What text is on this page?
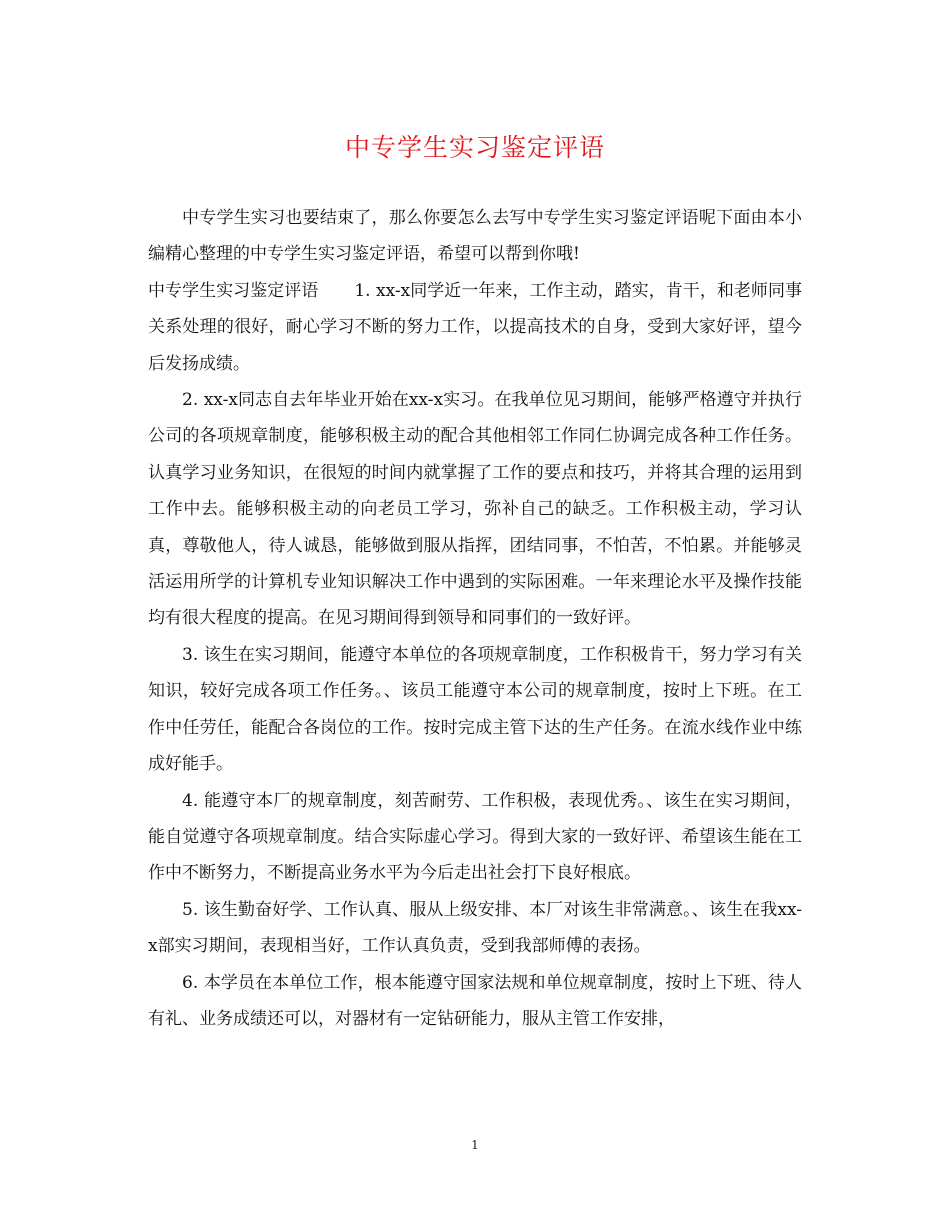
中专学生实习鉴定评语

中专学生实习也要结束了，那么你要怎么去写中专学生实习鉴定评语呢下面由本小编精心整理的中专学生实习鉴定评语，希望可以帮到你哦!

中专学生实习鉴定评语 1. xx-x同学近一年来，工作主动，踏实，肯干，和老师同事关系处理的很好，耐心学习不断的努力工作，以提高技术的自身，受到大家好评，望今后发扬成绩。

2. xx-x同志自去年毕业开始在xx-x实习。在我单位见习期间，能够严格遵守并执行公司的各项规章制度，能够积极主动的配合其他相邻工作同仁协调完成各种工作任务。认真学习业务知识，在很短的时间内就掌握了工作的要点和技巧，并将其合理的运用到工作中去。能够积极主动的向老员工学习，弥补自己的缺乏。工作积极主动，学习认真，尊敬他人，待人诚恳，能够做到服从指挥，团结同事，不怕苦，不怕累。并能够灵活运用所学的计算机专业知识解决工作中遇到的实际困难。一年来理论水平及操作技能均有很大程度的提高。在见习期间得到领导和同事们的一致好评。

3. 该生在实习期间，能遵守本单位的各项规章制度，工作积极肯干，努力学习有关知识，较好完成各项工作任务。、该员工能遵守本公司的规章制度，按时上下班。在工作中任劳任，能配合各岗位的工作。按时完成主管下达的生产任务。在流水线作业中练成好能手。

4. 能遵守本厂的规章制度，刻苦耐劳、工作积极，表现优秀。、该生在实习期间，能自觉遵守各项规章制度。结合实际虚心学习。得到大家的一致好评、希望该生能在工作中不断努力，不断提高业务水平为今后走出社会打下良好根底。

5. 该生勤奋好学、工作认真、服从上级安排、本厂对该生非常满意。、该生在我xx-x部实习期间，表现相当好，工作认真负责，受到我部师傅的表扬。

6. 本学员在本单位工作，根本能遵守国家法规和单位规章制度，按时上下班、待人有礼、业务成绩还可以，对器材有一定钻研能力，服从主管工作安排，

1
